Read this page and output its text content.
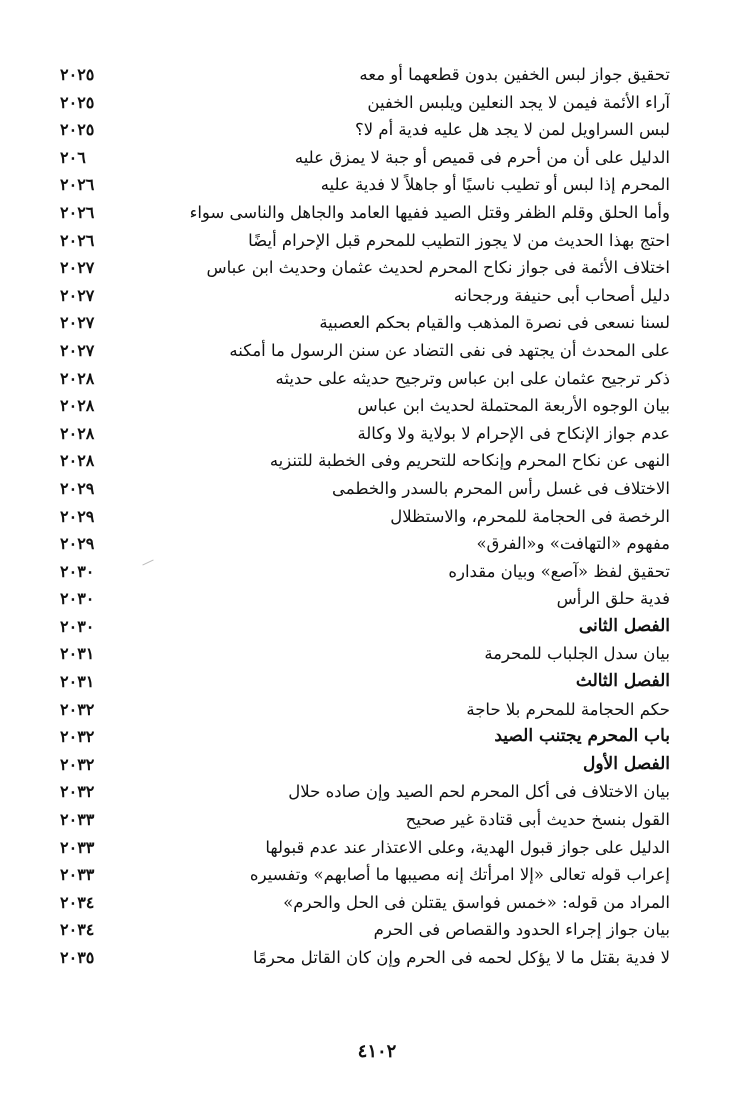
تحقيق جواز لبس الخفين بدون قطعهما أو معه
٢٠٢٥
آراء الأئمة فيمن لا يجد النعلين ويلبس الخفين
٢٠٢٥
لبس السراويل لمن لا يجد هل عليه فدية أم لا؟
٢٠٢٥
الدليل على أن من أحرم فى قميص أو جبة لا يمزق عليه
٢٠٦
المحرم إذا لبس أو تطيب ناسيًا أو جاهلاً لا فدية عليه
٢٠٢٦
وأما الحلق وقلم الظفر وقتل الصيد ففيها العامد والجاهل والناسى سواء
٢٠٢٦
احتج بهذا الحديث من لا يجوز التطيب للمحرم قبل الإحرام أيضًا
٢٠٢٦
اختلاف الأئمة فى جواز نكاح المحرم لحديث عثمان وحديث ابن عباس
٢٠٢٧
دليل أصحاب أبى حنيفة ورجحانه
٢٠٢٧
لسنا نسعى فى نصرة المذهب والقيام بحكم العصبية
٢٠٢٧
على المحدث أن يجتهد فى نفى التضاد عن سنن الرسول ما أمكنه
٢٠٢٧
ذكر ترجيح عثمان على ابن عباس وترجيح حديثه على حديثه
٢٠٢٨
بيان الوجوه الأربعة المحتملة لحديث ابن عباس
٢٠٢٨
عدم جواز الإنكاح فى الإحرام لا بولاية ولا وكالة
٢٠٢٨
النهى عن نكاح المحرم وإنكاحه للتحريم وفى الخطبة للتنزيه
٢٠٢٨
الاختلاف فى غسل رأس المحرم بالسدر والخطمى
٢٠٢٩
الرخصة فى الحجامة للمحرم، والاستظلال
٢٠٢٩
مفهوم «التهافت» و«الفرق»
٢٠٢٩
تحقيق لفظ «آصع» وبيان مقداره
٢٠٣٠
فدية حلق الرأس
٢٠٣٠
الفصل الثانى
٢٠٣٠
بيان سدل الجلباب للمحرمة
٢٠٣١
الفصل الثالث
٢٠٣١
حكم الحجامة للمحرم بلا حاجة
٢٠٣٢
باب المحرم يجتنب الصيد
٢٠٣٢
الفصل الأول
٢٠٣٢
بيان الاختلاف فى أكل المحرم لحم الصيد وإن صاده حلال
٢٠٣٢
القول بنسخ حديث أبى قتادة غير صحيح
٢٠٣٣
الدليل على جواز قبول الهدية، وعلى الاعتذار عند عدم قبولها
٢٠٣٣
إعراب قوله تعالى «إلا امرأتك إنه مصيبها ما أصابهم» وتفسيره
٢٠٣٣
المراد من قوله: «خمس فواسق يقتلن فى الحل والحرم»
٢٠٣٤
بيان جواز إجراء الحدود والقصاص فى الحرم
٢٠٣٤
لا فدية بقتل ما لا يؤكل لحمه فى الحرم وإن كان القاتل محرمًا
٢٠٣٥
٤١٠٢
